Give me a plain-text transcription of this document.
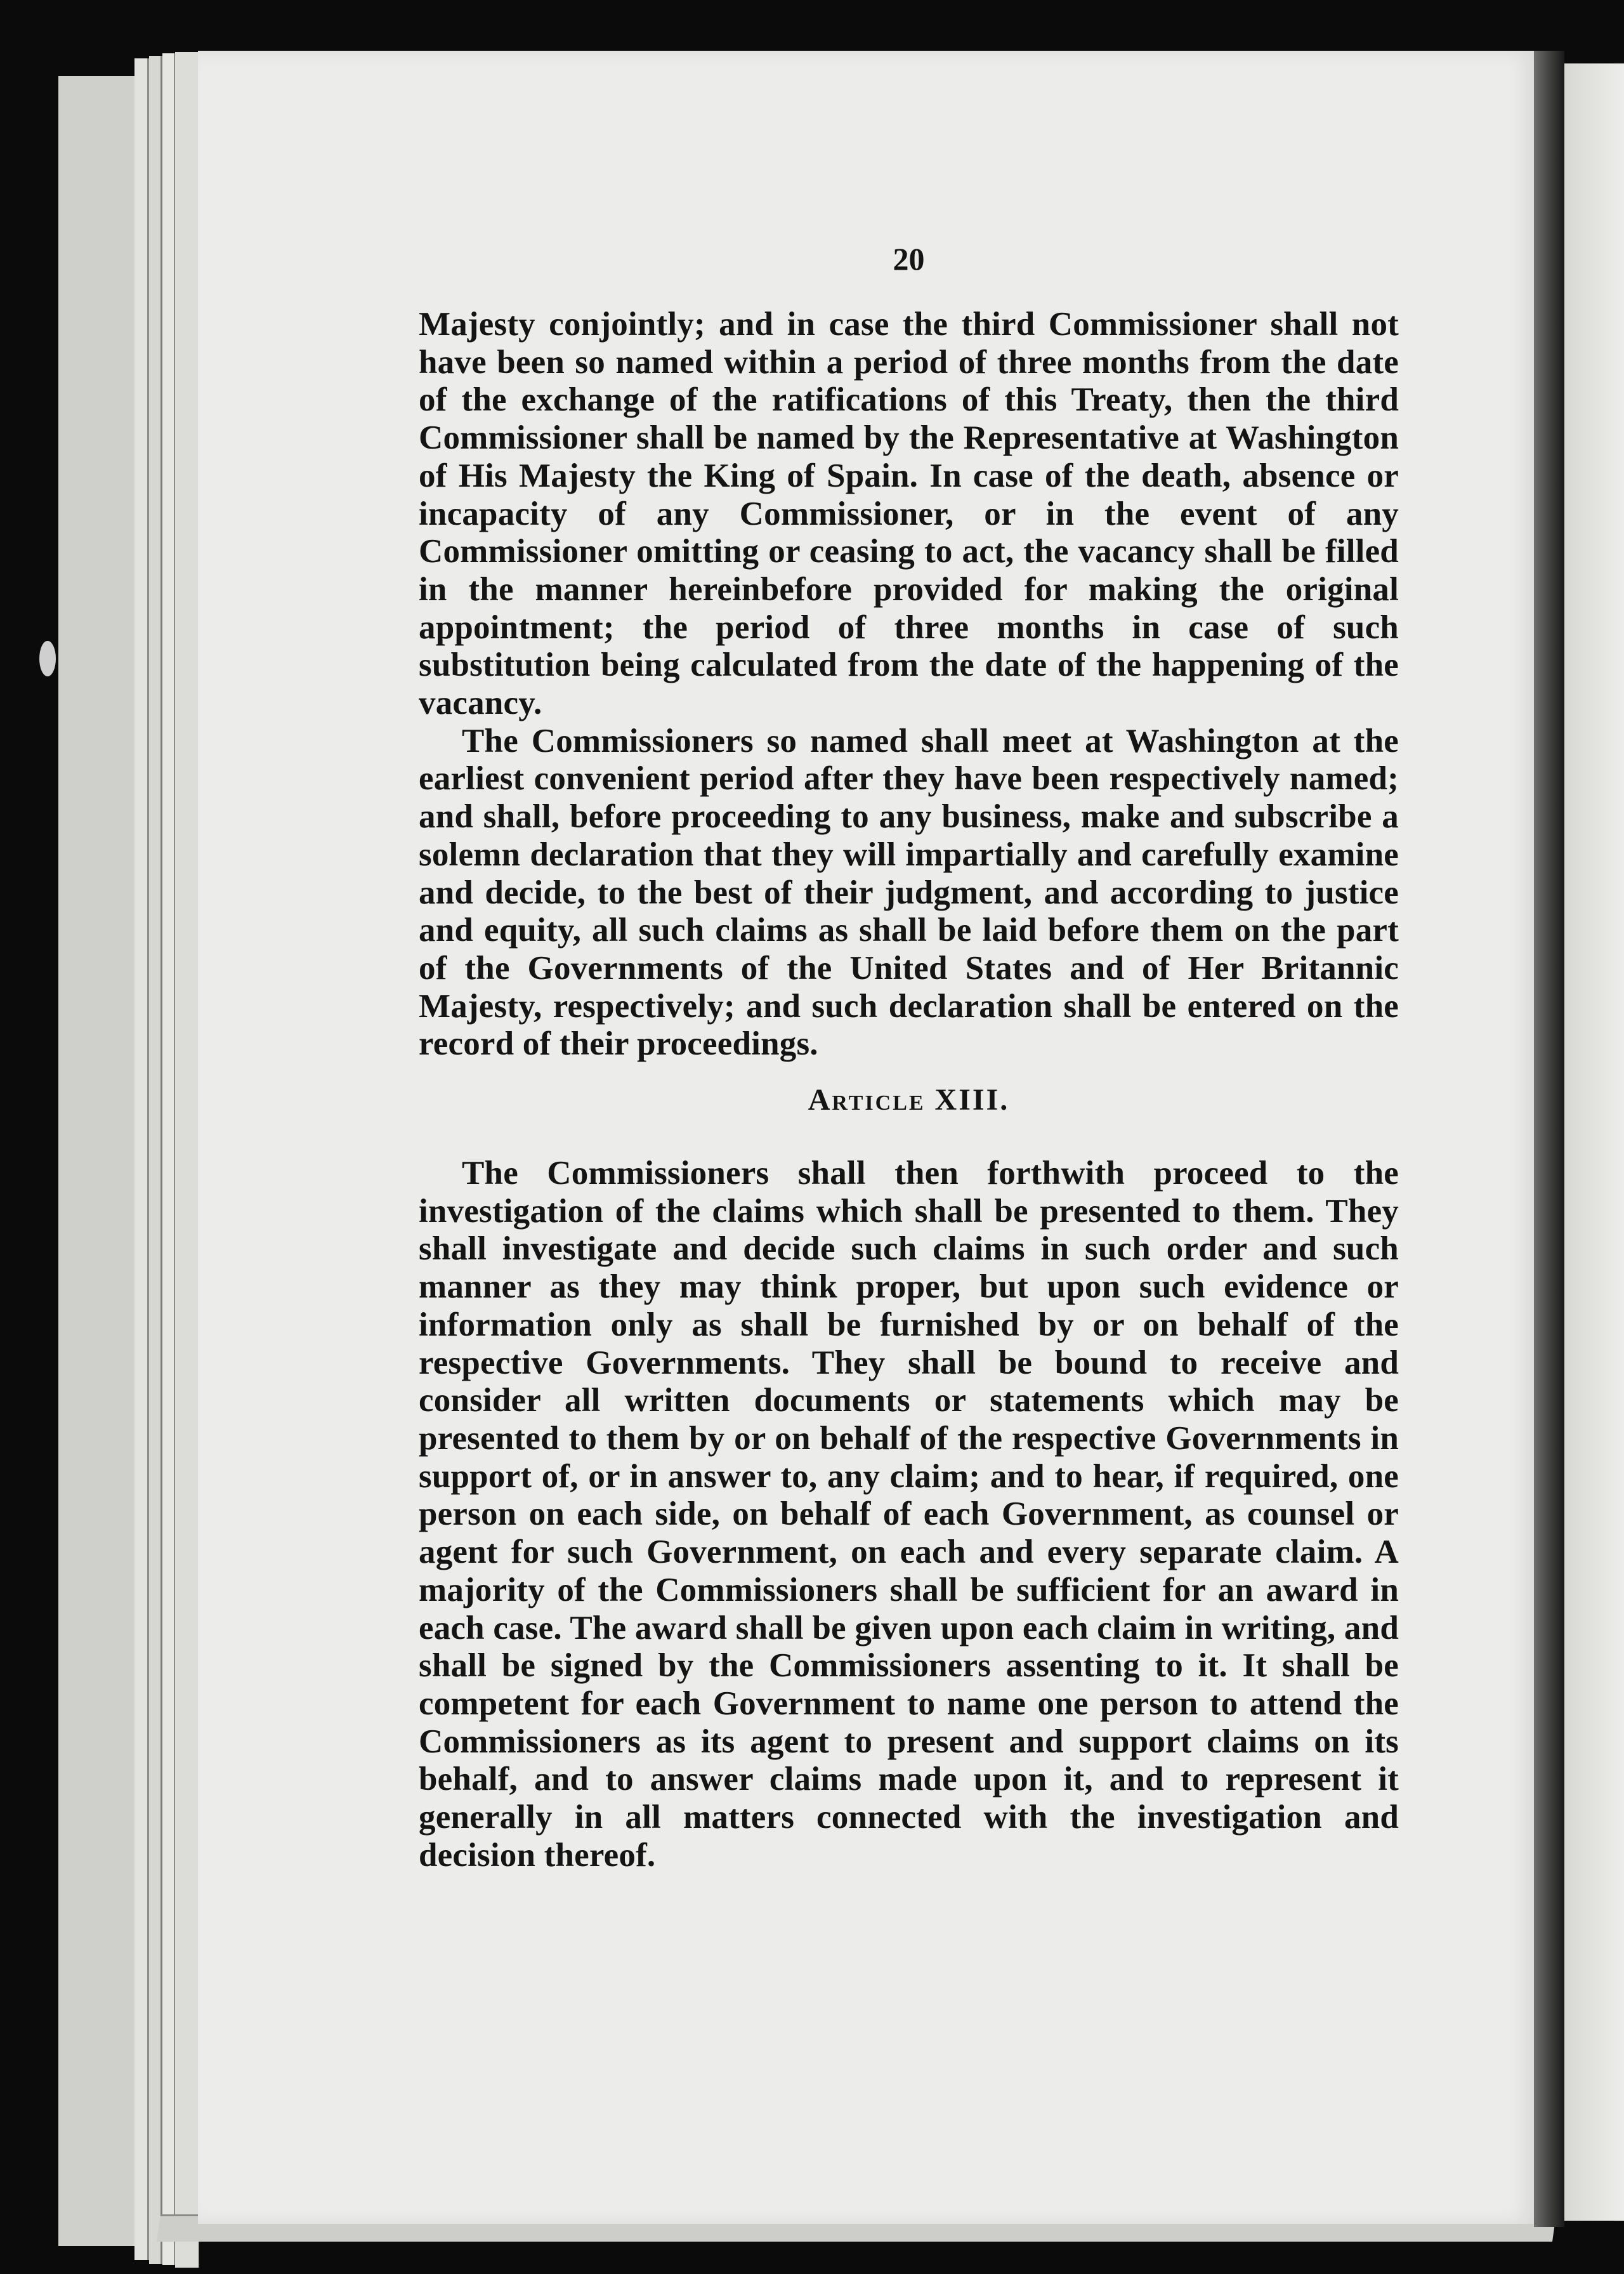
20

Majesty conjointly; and in case the third Commissioner shall not have been so named within a period of three months from the date of the exchange of the ratifications of this Treaty, then the third Commissioner shall be named by the Representative at Washington of His Majesty the King of Spain. In case of the death, absence or incapacity of any Commissioner, or in the event of any Commissioner omitting or ceasing to act, the vacancy shall be filled in the manner hereinbefore provided for making the original appointment; the period of three months in case of such substitution being calculated from the date of the happening of the vacancy.

The Commissioners so named shall meet at Washington at the earliest convenient period after they have been respectively named; and shall, before proceeding to any business, make and subscribe a solemn declaration that they will impartially and carefully examine and decide, to the best of their judgment, and according to justice and equity, all such claims as shall be laid before them on the part of the Governments of the United States and of Her Britannic Majesty, respectively; and such declaration shall be entered on the record of their proceedings.

Article XIII.

The Commissioners shall then forthwith proceed to the investigation of the claims which shall be presented to them. They shall investigate and decide such claims in such order and such manner as they may think proper, but upon such evidence or information only as shall be furnished by or on behalf of the respective Governments. They shall be bound to receive and consider all written documents or statements which may be presented to them by or on behalf of the respective Governments in support of, or in answer to, any claim; and to hear, if required, one person on each side, on behalf of each Government, as counsel or agent for such Government, on each and every separate claim. A majority of the Commissioners shall be sufficient for an award in each case. The award shall be given upon each claim in writing, and shall be signed by the Commissioners assenting to it. It shall be competent for each Government to name one person to attend the Commissioners as its agent to present and support claims on its behalf, and to answer claims made upon it, and to represent it generally in all matters connected with the investigation and decision thereof.
